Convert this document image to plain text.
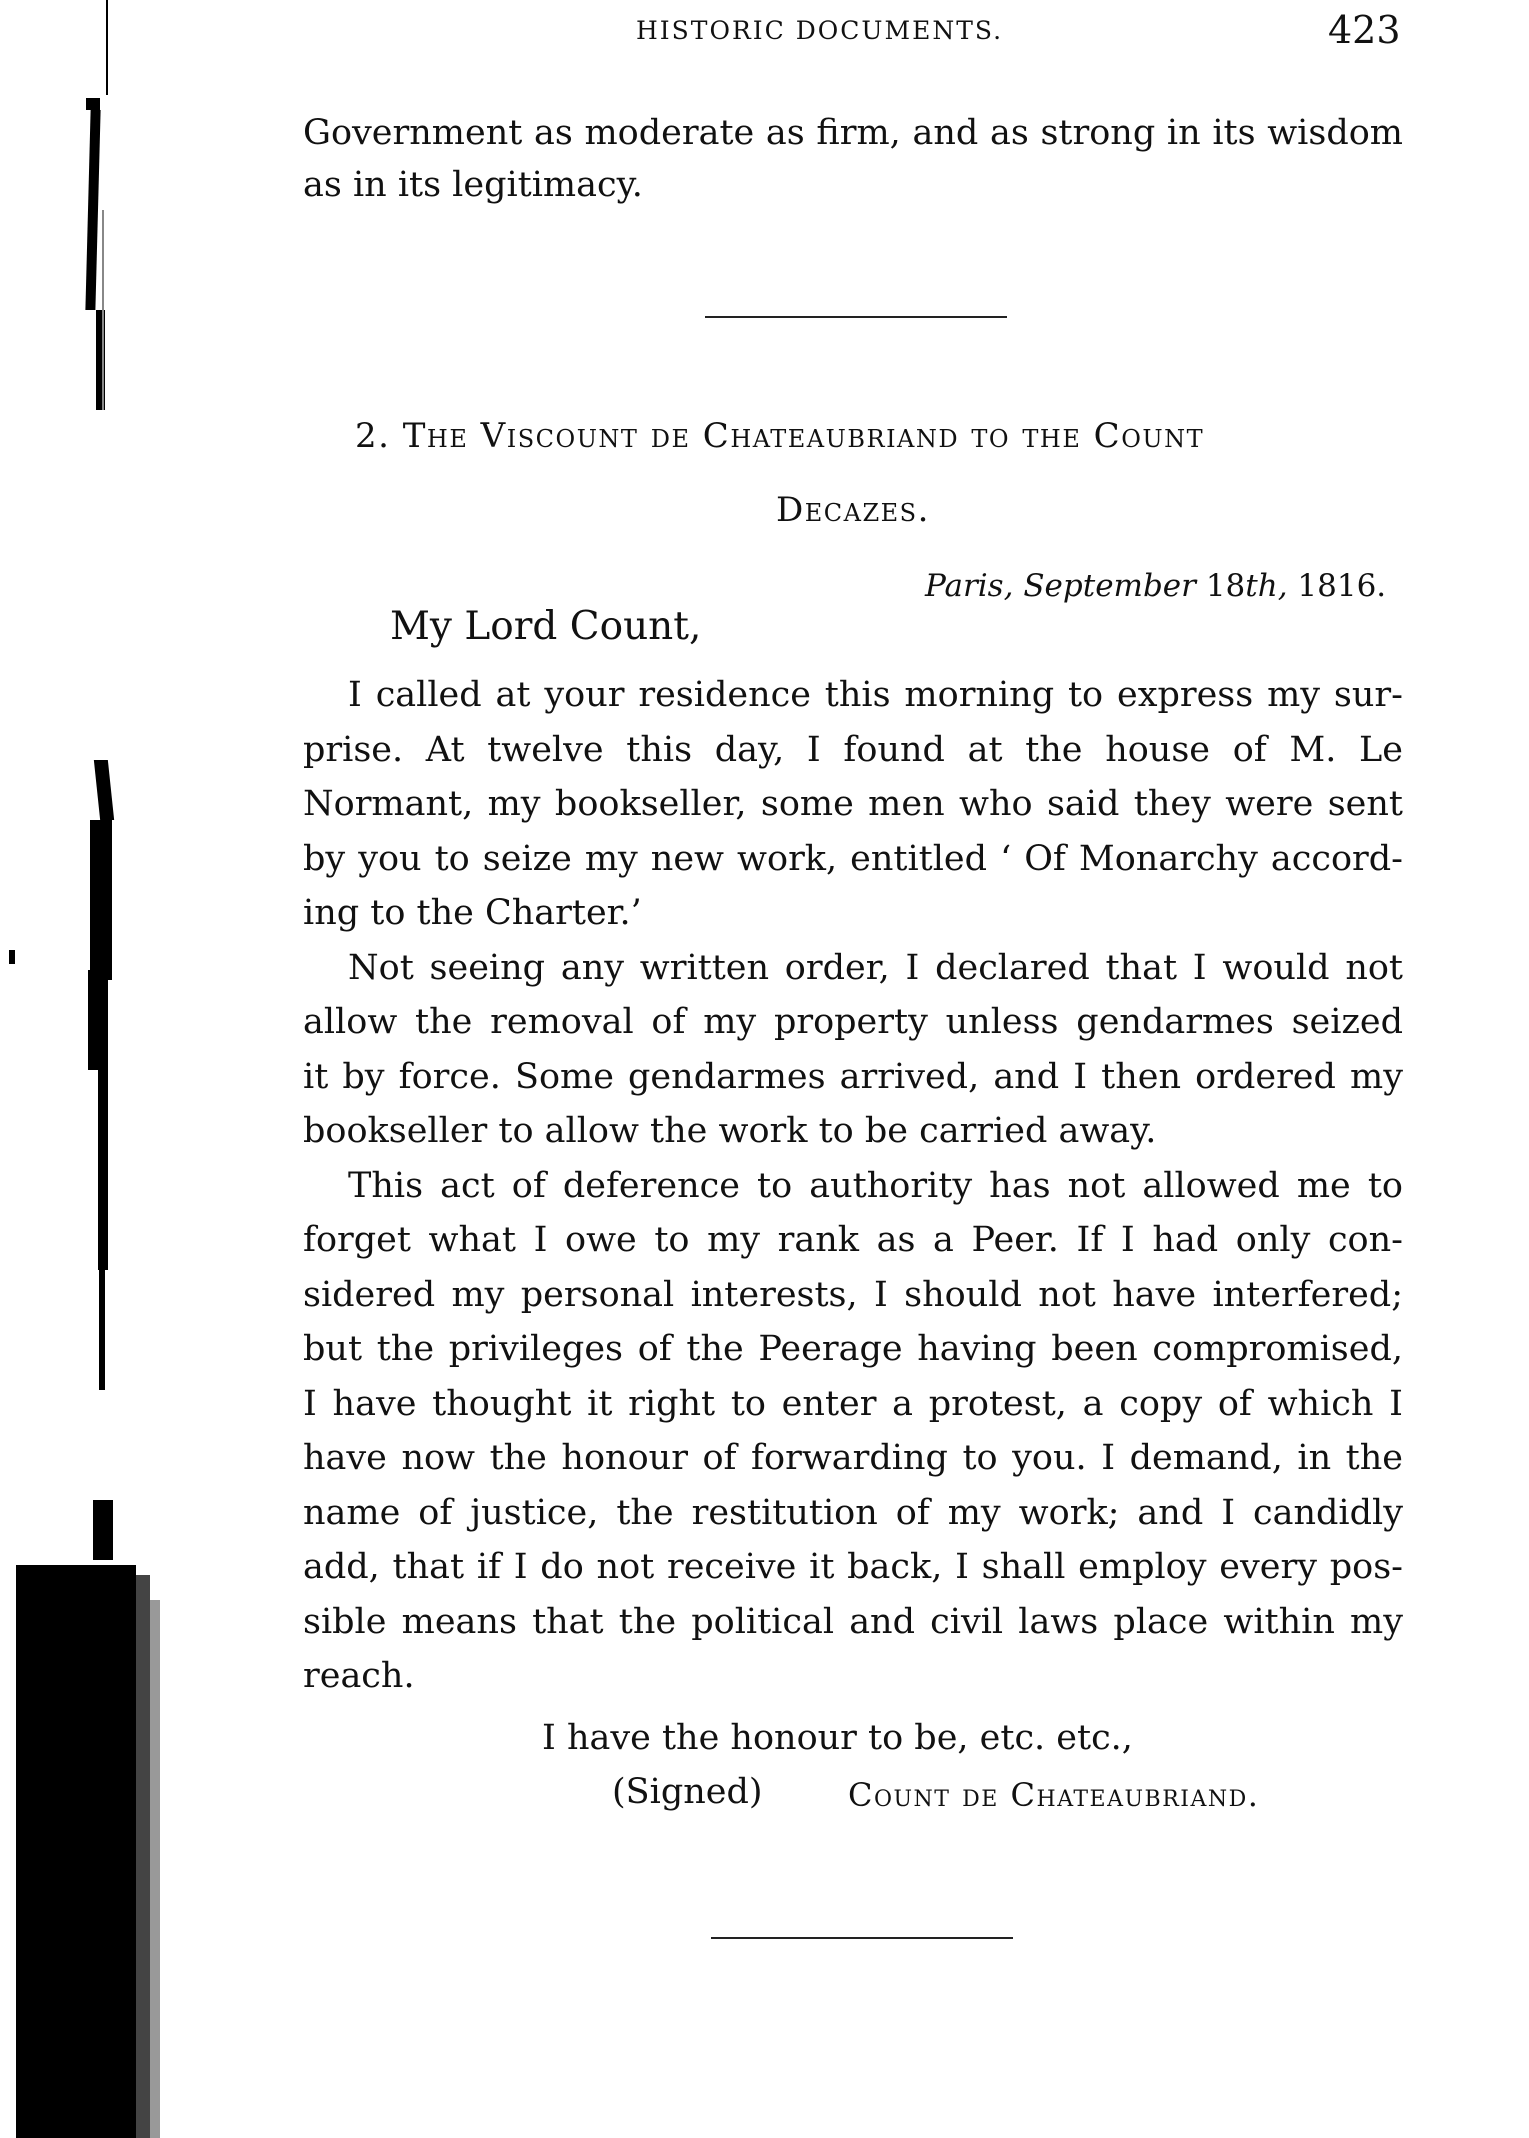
HISTORIC DOCUMENTS.	423
Government as moderate as firm, and as strong in its wisdom
as in its legitimacy.
2. The Viscount de Chateaubriand to the Count
Decazes.
Paris, September 18th, 1816.
My Lord Count,
I called at your residence this morning to express my sur-
prise. At twelve this day, I found at the house of M. Le
Normant, my bookseller, some men who said they were sent
by you to seize my new work, entitled ‘ Of Monarchy accord-
ing to the Charter.’
Not seeing any written order, I declared that I would not
allow the removal of my property unless gendarmes seized
it by force. Some gendarmes arrived, and I then ordered my
bookseller to allow the work to be carried away.
This act of deference to authority has not allowed me to
forget what I owe to my rank as a Peer. If I had only con-
sidered my personal interests, I should not have interfered;
but the privileges of the Peerage having been compromised,
I have thought it right to enter a protest, a copy of which I
have now the honour of forwarding to you. I demand, in the
name of justice, the restitution of my work; and I candidly
add, that if I do not receive it back, I shall employ every pos-
sible means that the political and civil laws place within my
reach.
I have the honour to be, etc. etc.,
(Signed)	Count de Chateaubriand.
